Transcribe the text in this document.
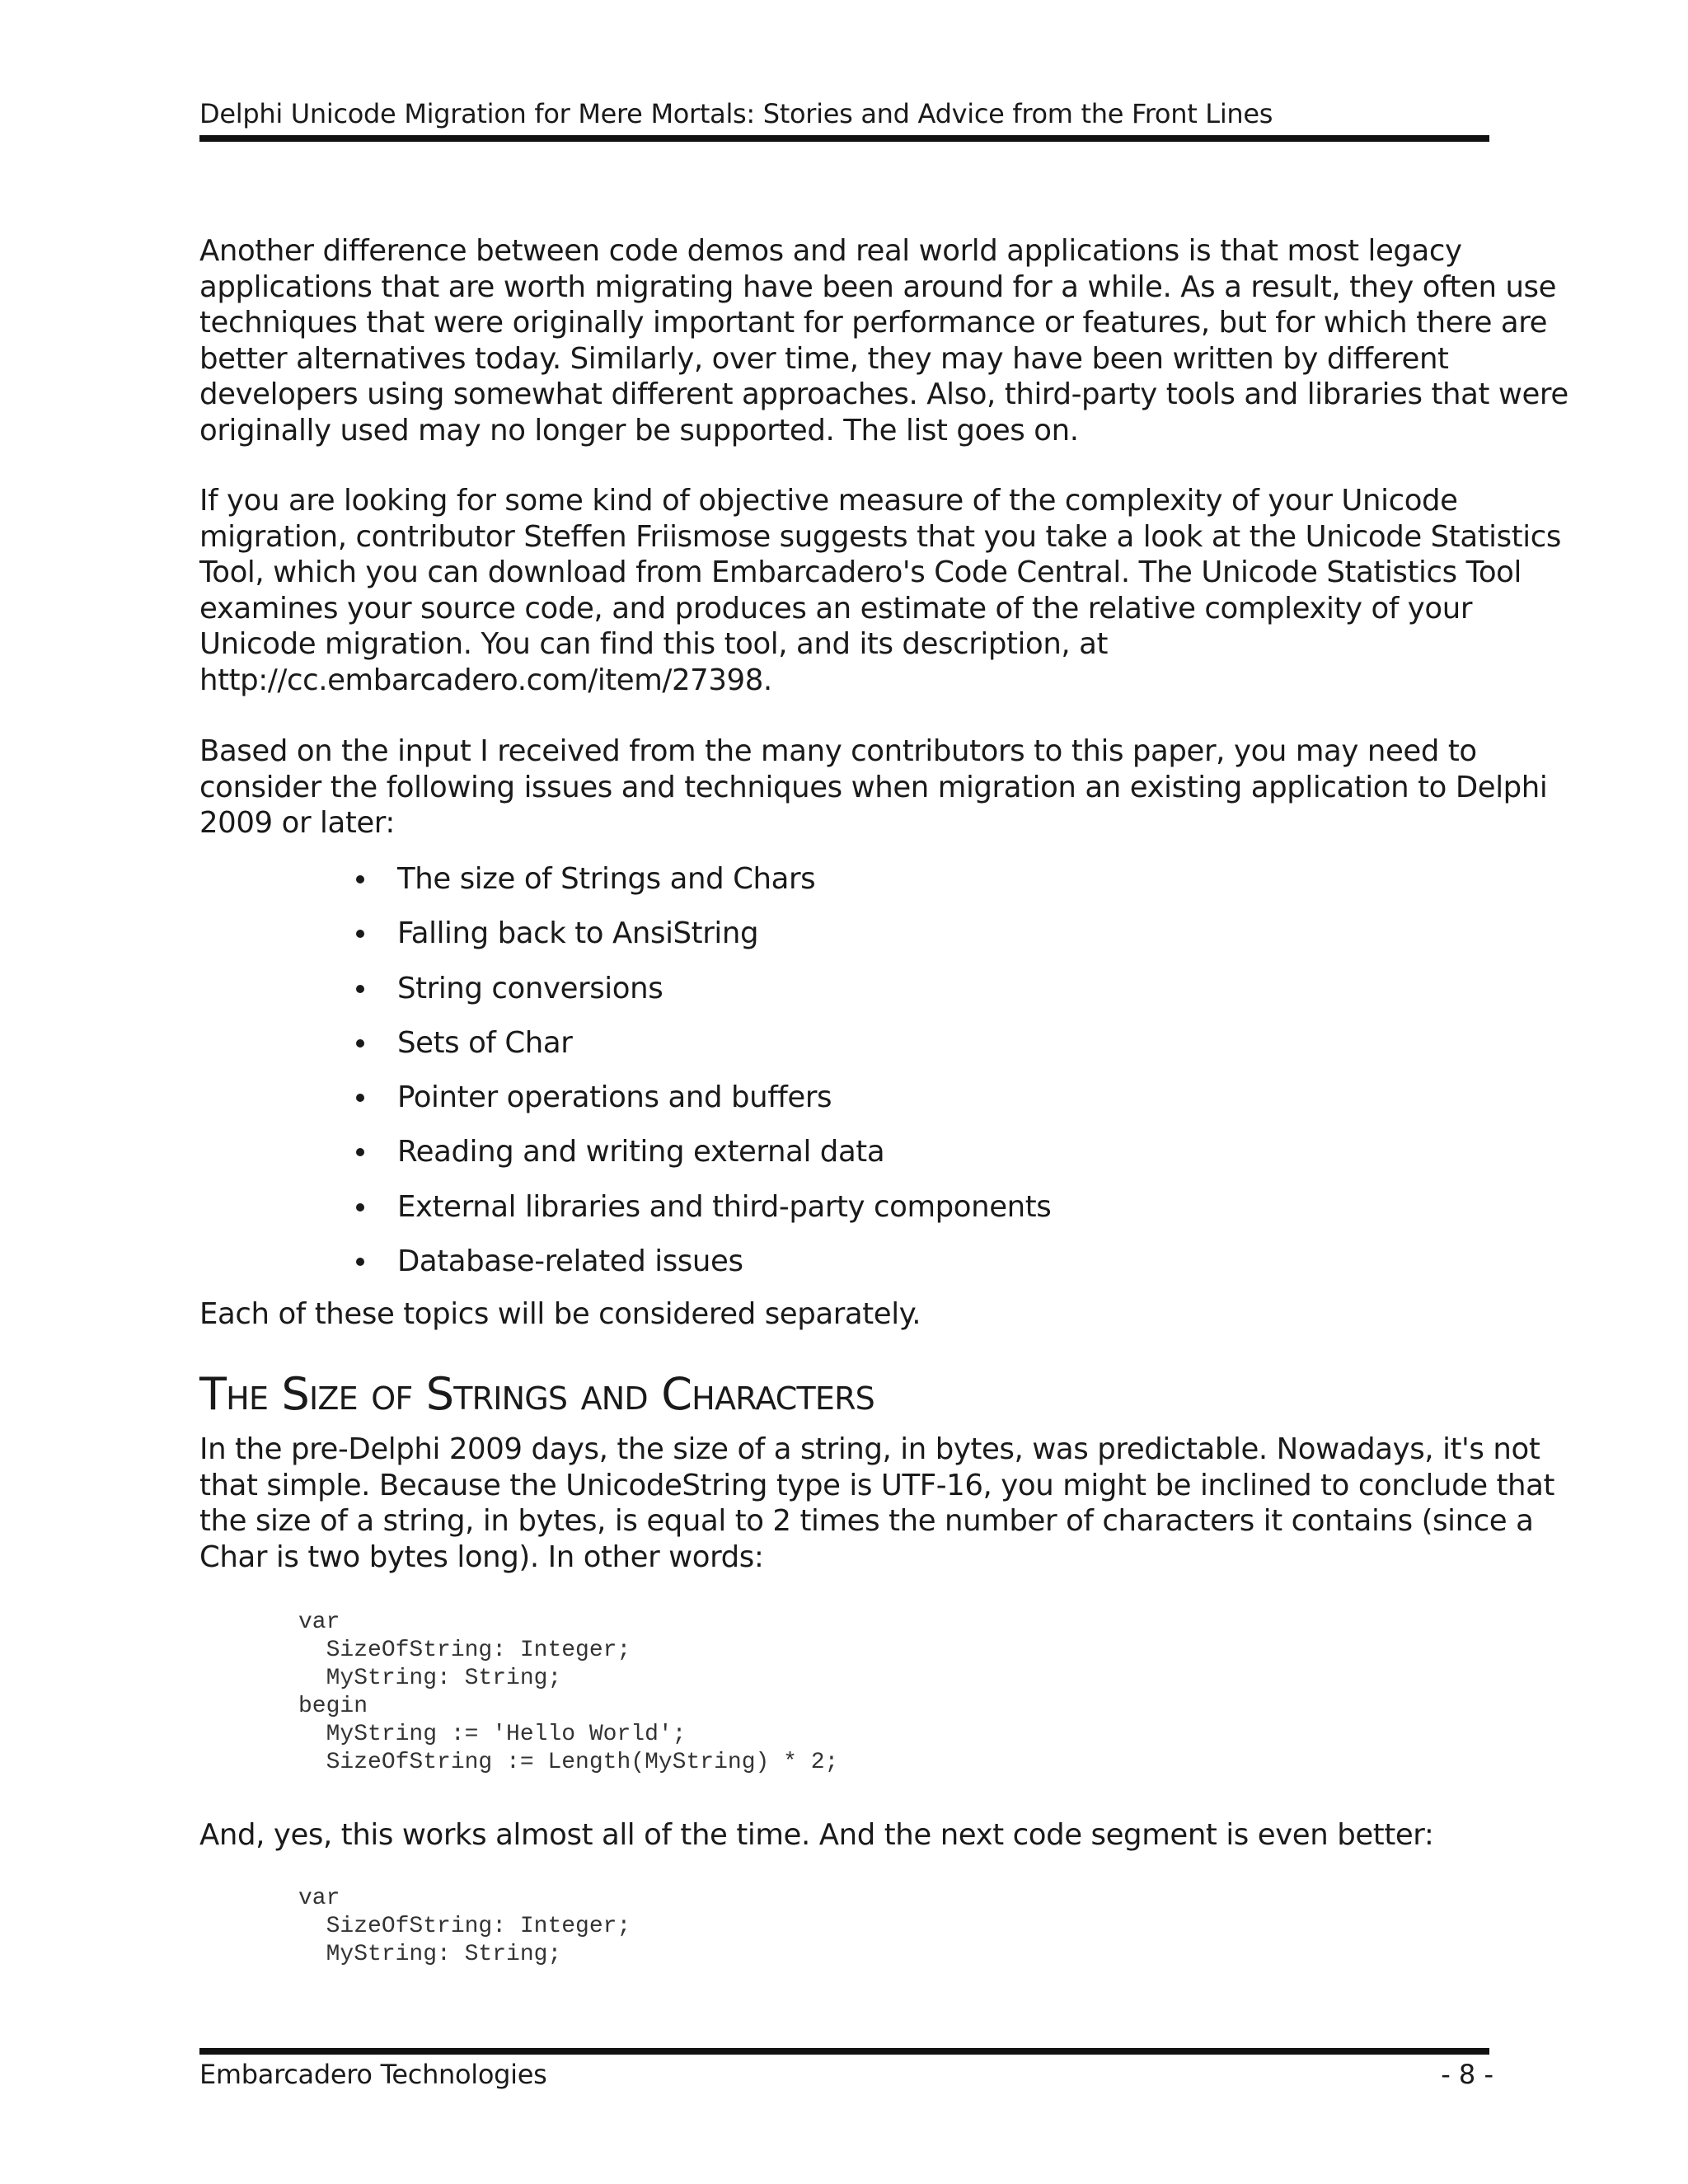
Delphi Unicode Migration for Mere Mortals: Stories and Advice from the Front Lines

Another difference between code demos and real world applications is that most legacy
applications that are worth migrating have been around for a while. As a result, they often use
techniques that were originally important for performance or features, but for which there are
better alternatives today. Similarly, over time, they may have been written by different
developers using somewhat different approaches. Also, third-party tools and libraries that were
originally used may no longer be supported. The list goes on.

If you are looking for some kind of objective measure of the complexity of your Unicode
migration, contributor Steffen Friismose suggests that you take a look at the Unicode Statistics
Tool, which you can download from Embarcadero's Code Central. The Unicode Statistics Tool
examines your source code, and produces an estimate of the relative complexity of your
Unicode migration. You can find this tool, and its description, at
http://cc.embarcadero.com/item/27398.

Based on the input I received from the many contributors to this paper, you may need to
consider the following issues and techniques when migration an existing application to Delphi
2009 or later:

The size of Strings and Chars
Falling back to AnsiString
String conversions
Sets of Char
Pointer operations and buffers
Reading and writing external data
External libraries and third-party components
Database-related issues

Each of these topics will be considered separately.

The Size of Strings and Characters

In the pre-Delphi 2009 days, the size of a string, in bytes, was predictable. Nowadays, it's not
that simple. Because the UnicodeString type is UTF-16, you might be inclined to conclude that
the size of a string, in bytes, is equal to 2 times the number of characters it contains (since a
Char is two bytes long). In other words:

var
SizeOfString: Integer;
MyString: String;
begin
MyString := 'Hello World';
SizeOfString := Length(MyString) * 2;

And, yes, this works almost all of the time. And the next code segment is even better:

var
SizeOfString: Integer;
MyString: String;
Embarcadero Technologies	- 8 -
